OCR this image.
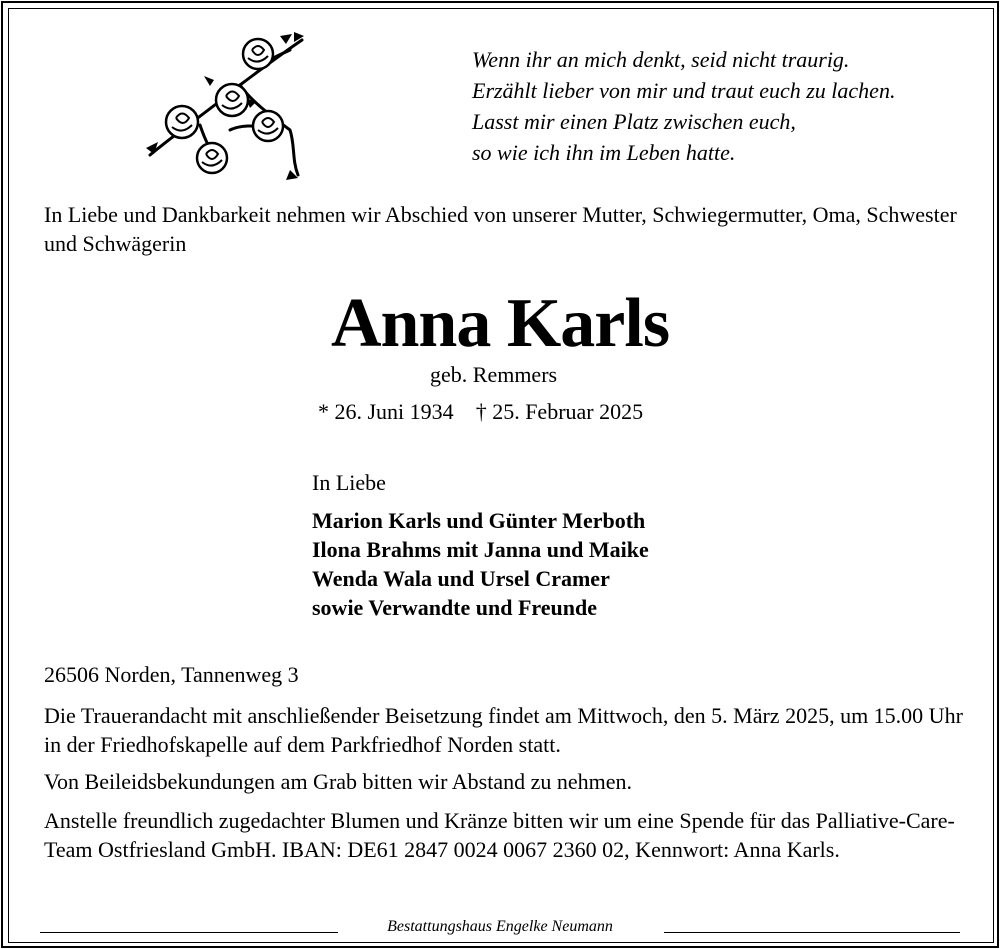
Wenn ihr an mich denkt, seid nicht traurig.
Erzählt lieber von mir und traut euch zu lachen.
Lasst mir einen Platz zwischen euch,
so wie ich ihn im Leben hatte.
In Liebe und Dankbarkeit nehmen wir Abschied von unserer Mutter, Schwiegermutter, Oma, Schwester und Schwägerin
Anna Karls
geb. Remmers
* 26. Juni 1934 † 25. Februar 2025
In Liebe
Marion Karls und Günter Merboth
Ilona Brahms mit Janna und Maike
Wenda Wala und Ursel Cramer
sowie Verwandte und Freunde
26506 Norden, Tannenweg 3
Die Trauerandacht mit anschließender Beisetzung findet am Mittwoch, den 5. März 2025, um 15.00 Uhr in der Friedhofskapelle auf dem Parkfriedhof Norden statt.
Von Beileidsbekundungen am Grab bitten wir Abstand zu nehmen.
Anstelle freundlich zugedachter Blumen und Kränze bitten wir um eine Spende für das Palliative-Care-Team Ostfriesland GmbH. IBAN: DE61 2847 0024 0067 2360 02, Kennwort: Anna Karls.
Bestattungshaus Engelke Neumann
